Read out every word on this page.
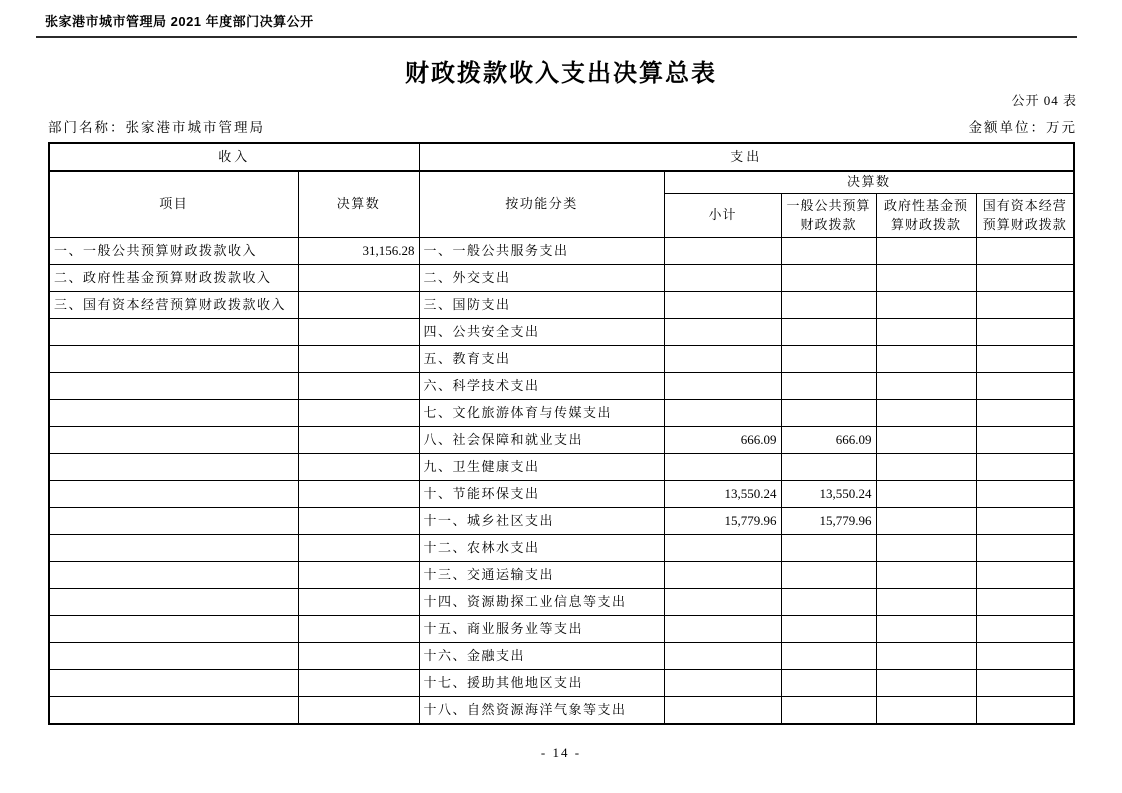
张家港市城市管理局 2021 年度部门决算公开
财政拨款收入支出决算总表
公开 04 表
部门名称：张家港市城市管理局	金额单位：万元
收入		支出				
项目	决算数	按功能分类	决算数			
			小计	一般公共预算财政拨款	政府性基金预算财政拨款	国有资本经营预算财政拨款
一、一般公共预算财政拨款收入	31,156.28	一、一般公共服务支出				
二、政府性基金预算财政拨款收入		二、外交支出				
三、国有资本经营预算财政拨款收入		三、国防支出				
		四、公共安全支出				
		五、教育支出				
		六、科学技术支出				
		七、文化旅游体育与传媒支出				
		八、社会保障和就业支出	666.09	666.09		
		九、卫生健康支出				
		十、节能环保支出	13,550.24	13,550.24		
		十一、城乡社区支出	15,779.96	15,779.96		
		十二、农林水支出				
		十三、交通运输支出				
		十四、资源勘探工业信息等支出				
		十五、商业服务业等支出				
		十六、金融支出				
		十七、援助其他地区支出				
		十八、自然资源海洋气象等支出				
- 14 -
